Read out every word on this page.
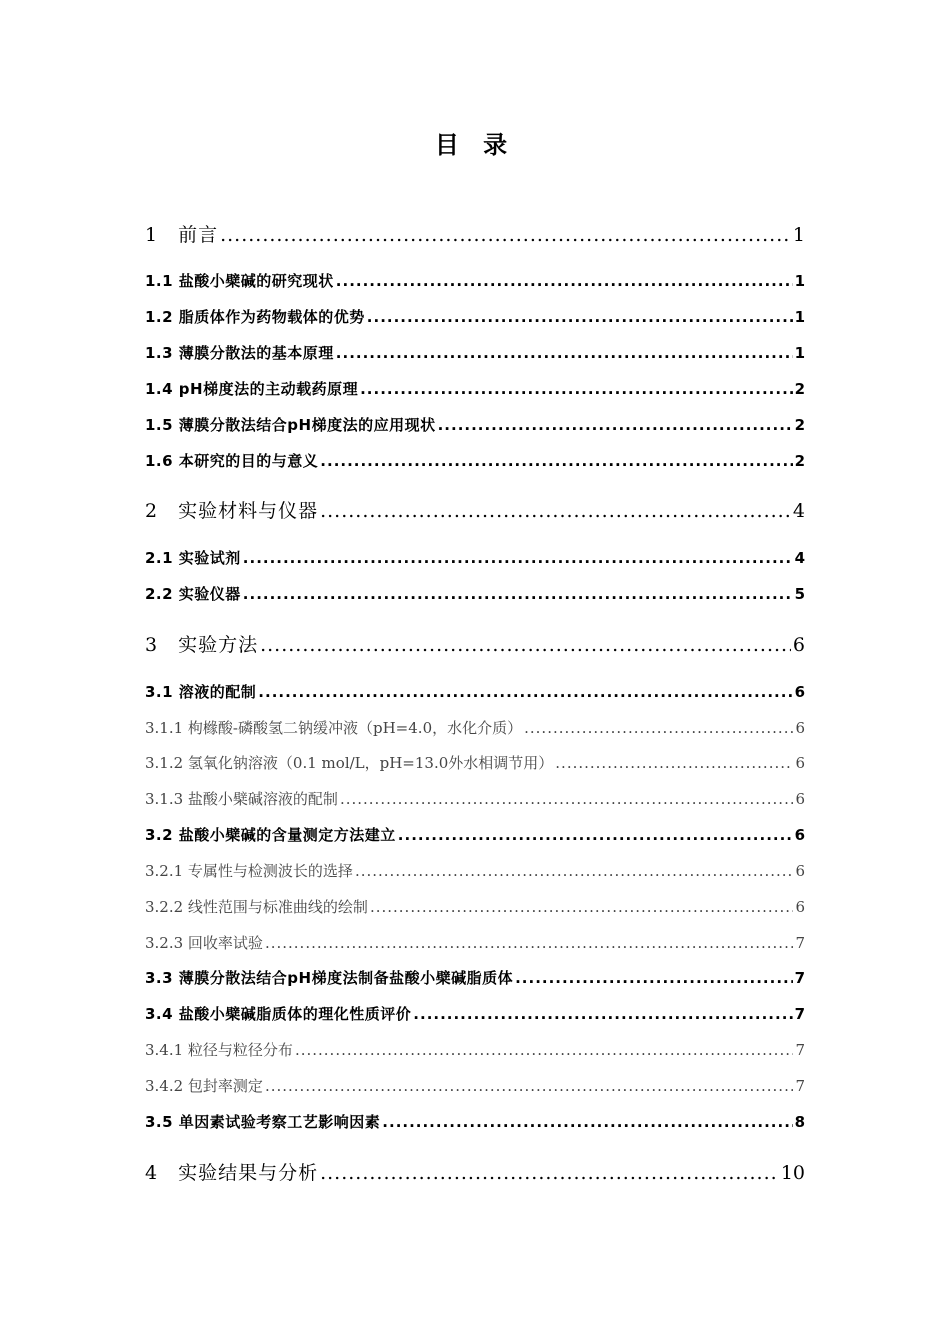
目 录
1　前言 .....	1
1.1 盐酸小檗碱的研究现状 .....	1
1.2 脂质体作为药物载体的优势 .....	1
1.3 薄膜分散法的基本原理 .....	1
1.4 pH梯度法的主动载药原理 .....	2
1.5 薄膜分散法结合pH梯度法的应用现状 .....	2
1.6 本研究的目的与意义 .....	2
2　实验材料与仪器 .....	4
2.1 实验试剂 .....	4
2.2 实验仪器 .....	5
3　实验方法 .....	6
3.1 溶液的配制 .....	6
3.1.1 枸橼酸-磷酸氢二钠缓冲液（pH=4.0，水化介质） .....	6
3.1.2 氢氧化钠溶液（0.1 mol/L，pH=13.0外水相调节用） .....	6
3.1.3 盐酸小檗碱溶液的配制 .....	6
3.2 盐酸小檗碱的含量测定方法建立 .....	6
3.2.1 专属性与检测波长的选择 .....	6
3.2.2 线性范围与标准曲线的绘制 .....	6
3.2.3 回收率试验 .....	7
3.3 薄膜分散法结合pH梯度法制备盐酸小檗碱脂质体 .....	7
3.4 盐酸小檗碱脂质体的理化性质评价 .....	7
3.4.1 粒径与粒径分布 .....	7
3.4.2 包封率测定 .....	7
3.5 单因素试验考察工艺影响因素 .....	8
4　实验结果与分析 .....	10
